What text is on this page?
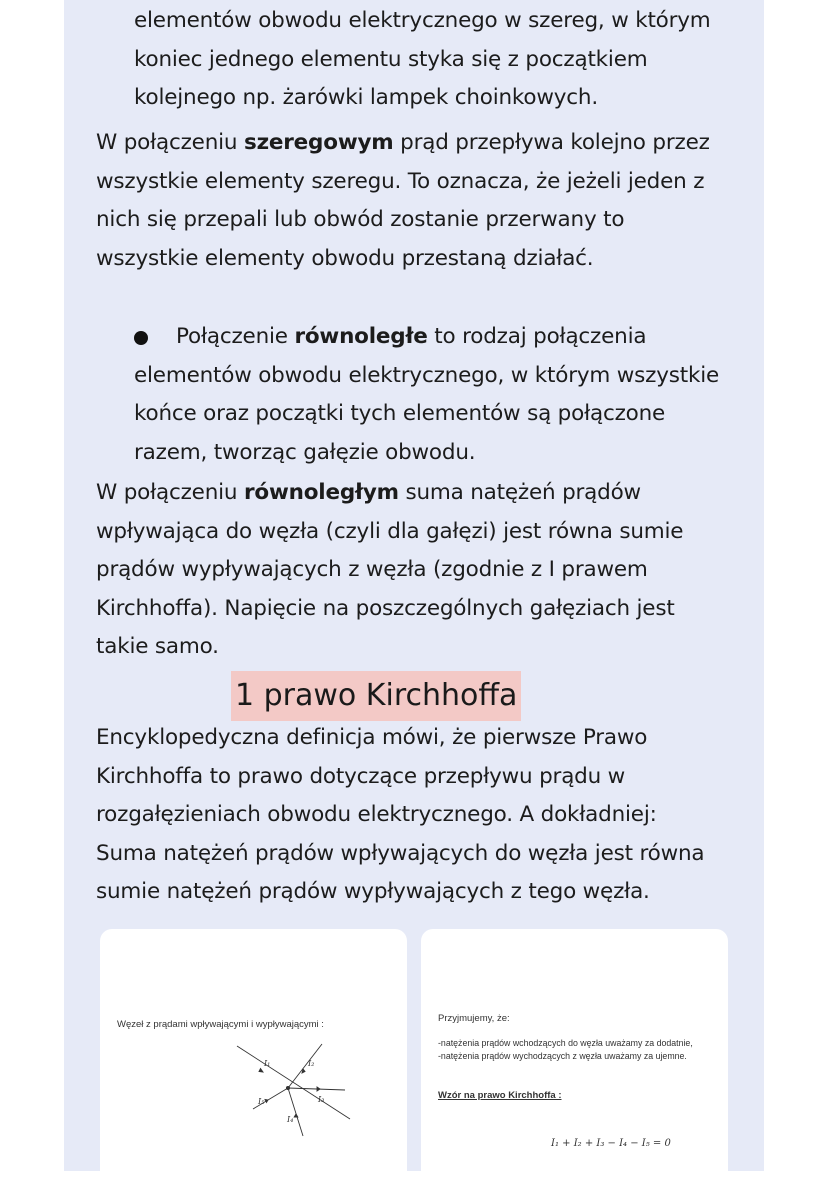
elementów obwodu elektrycznego w szereg, w którym

koniec jednego elementu styka się z początkiem

kolejnego np. żarówki lampek choinkowych.

W połączeniu szeregowym prąd przepływa kolejno przez

wszystkie elementy szeregu. To oznacza, że jeżeli jeden z

nich się przepali lub obwód zostanie przerwany to

wszystkie elementy obwodu przestaną działać.

Połączenie równoległe to rodzaj połączenia

elementów obwodu elektrycznego, w którym wszystkie

końce oraz początki tych elementów są połączone

razem, tworząc gałęzie obwodu.

W połączeniu równoległym suma natężeń prądów

wpływająca do węzła (czyli dla gałęzi) jest równa sumie

prądów wypływających z węzła (zgodnie z I prawem

Kirchhoffa). Napięcie na poszczególnych gałęziach jest

takie samo.

1 prawo Kirchhoffa

Encyklopedyczna definicja mówi, że pierwsze Prawo

Kirchhoffa to prawo dotyczące przepływu prądu w

rozgałęzieniach obwodu elektrycznego. A dokładniej:

Suma natężeń prądów wpływających do węzła jest równa

sumie natężeń prądów wypływających z tego węzła.

Węzeł z prądami wpływającymi i wypływającymi :
I₁	I₂
I₃
I₄
I₅
Przyjmujemy, że:
-natężenia prądów wchodzących do węzła uważamy za dodatnie,
-natężenia prądów wychodzących z węzła uważamy za ujemne.
Wzór na prawo Kirchhoffa :
I₁ + I₂ + I₃ − I₄ − I₅ = 0
